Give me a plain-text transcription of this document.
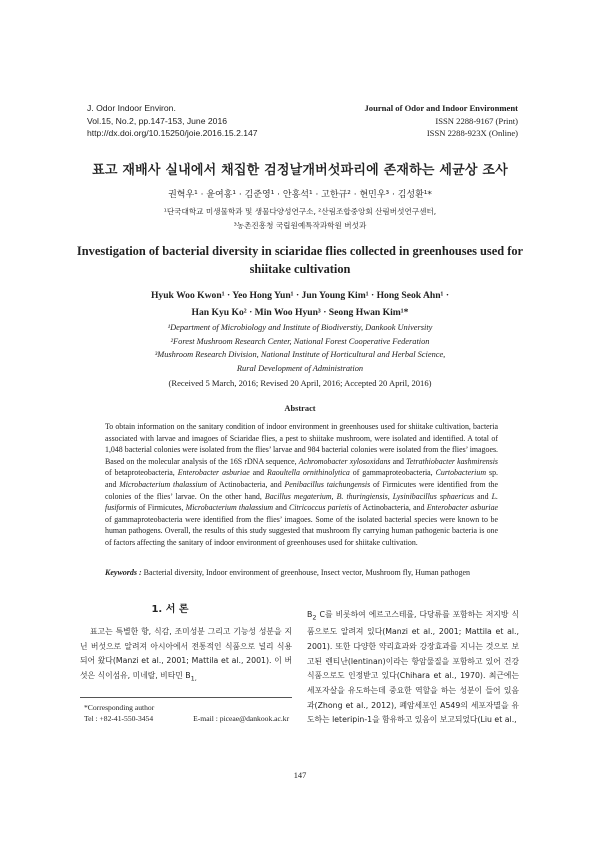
J. Odor Indoor Environ.
Vol.15, No.2, pp.147-153, June 2016
http://dx.doi.org/10.15250/joie.2016.15.2.147
Journal of Odor and Indoor Environment
ISSN 2288-9167 (Print)
ISSN 2288-923X (Online)
표고 재배사 실내에서 채집한 검정날개버섯파리에 존재하는 세균상 조사
권혁우¹ · 윤여홍¹ · 김준영¹ · 안홍석¹ · 고한규² · 현민우³ · 김성환¹*
¹단국대학교 미생물학과 및 생물다양성연구소, ²산림조합중앙회 산림버섯연구센터,
³농촌진흥청 국립원예특작과학원 버섯과
Investigation of bacterial diversity in sciaridae flies collected in greenhouses used for shiitake cultivation
Hyuk Woo Kwon¹ · Yeo Hong Yun¹ · Jun Young Kim¹ · Hong Seok Ahn¹ ·
Han Kyu Ko² · Min Woo Hyun³ · Seong Hwan Kim¹*
¹Department of Microbiology and Institute of Biodiverstiy, Dankook University
²Forest Mushroom Research Center, National Forest Cooperative Federation
³Mushroom Research Division, National Institute of Horticultural and Herbal Science,
Rural Development of Administration
(Received 5 March, 2016; Revised 20 April, 2016; Accepted 20 April, 2016)
Abstract

To obtain information on the sanitary condition of indoor environment in greenhouses used for shiitake cultivation, bacteria associated with larvae and imagoes of Sciaridae flies, a pest to shiitake mushroom, were isolated and identified. A total of 1,048 bacterial colonies were isolated from the flies’ larvae and 984 bacterial colonies were isolated from the flies’ imagoes. Based on the molecular analysis of the 16S rDNA sequence, Achromobacter xylosoxidans and Tetrathiobacter kashmirensis of betaproteobacteria, Enterobacter asburiae and Raoultella ornithinolytica of gammaproteobacteria, Curtobacterium sp. and Microbacterium thalassium of Actinobacteria, and Penibacillus taichungensis of Firmicutes were identified from the colonies of the flies’ larvae. On the other hand, Bacillus megaterium, B. thuringiensis, Lysinibacillus sphaericus and L. fusiformis of Firmicutes, Microbacterium thalassium and Citricoccus parietis of Actinobacteria, and Enterobacter asburiae of gammaproteobacteria were identified from the flies’ imagoes. Some of the isolated bacterial species were known to be human pathogens. Overall, the results of this study suggested that mushroom fly carrying human pathogenic bacteria is one of factors affecting the sanitary of indoor environment of greenhouses used for shiitake cultivation.

Keywords : Bacterial diversity, Indoor environment of greenhouse, Insect vector, Mushroom fly, Human pathogen
1. 서 론

표고는 특별한 향, 식감, 조미성분 그리고 기능성 성분을 지닌 버섯으로 알려져 아시아에서 전통적인 식품으로 널리 식용되어 왔다(Manzi et al., 2001; Mattila et al., 2001). 이 버섯은 식이섬유, 미네랄, 비타민 $B_{1,}$

$B_2$ C를 비롯하여 에르고스테롤, 다당류를 포함하는 저지방 식품으로도 알려져 있다(Manzi et al., 2001; Mattila et al., 2001). 또한 다양한 약리효과와 강장효과를 지니는 것으로 보고된 렌티난(lentinan)이라는 항암물질을 포함하고 있어 건강식품으로도 인정받고 있다(Chihara et al., 1970). 최근에는 세포자살을 유도하는데 중요한 역할을 하는 성분이 들어 있음과(Zhong et al., 2012), 폐암세포인 A549의 세포자멸을 유도하는 leteripin-1을 함유하고 있음이 보고되었다(Liu et al.,

*Corresponding author
Tel : +82-41-550-3454	E-mail : piceae@dankook.ac.kr
147
